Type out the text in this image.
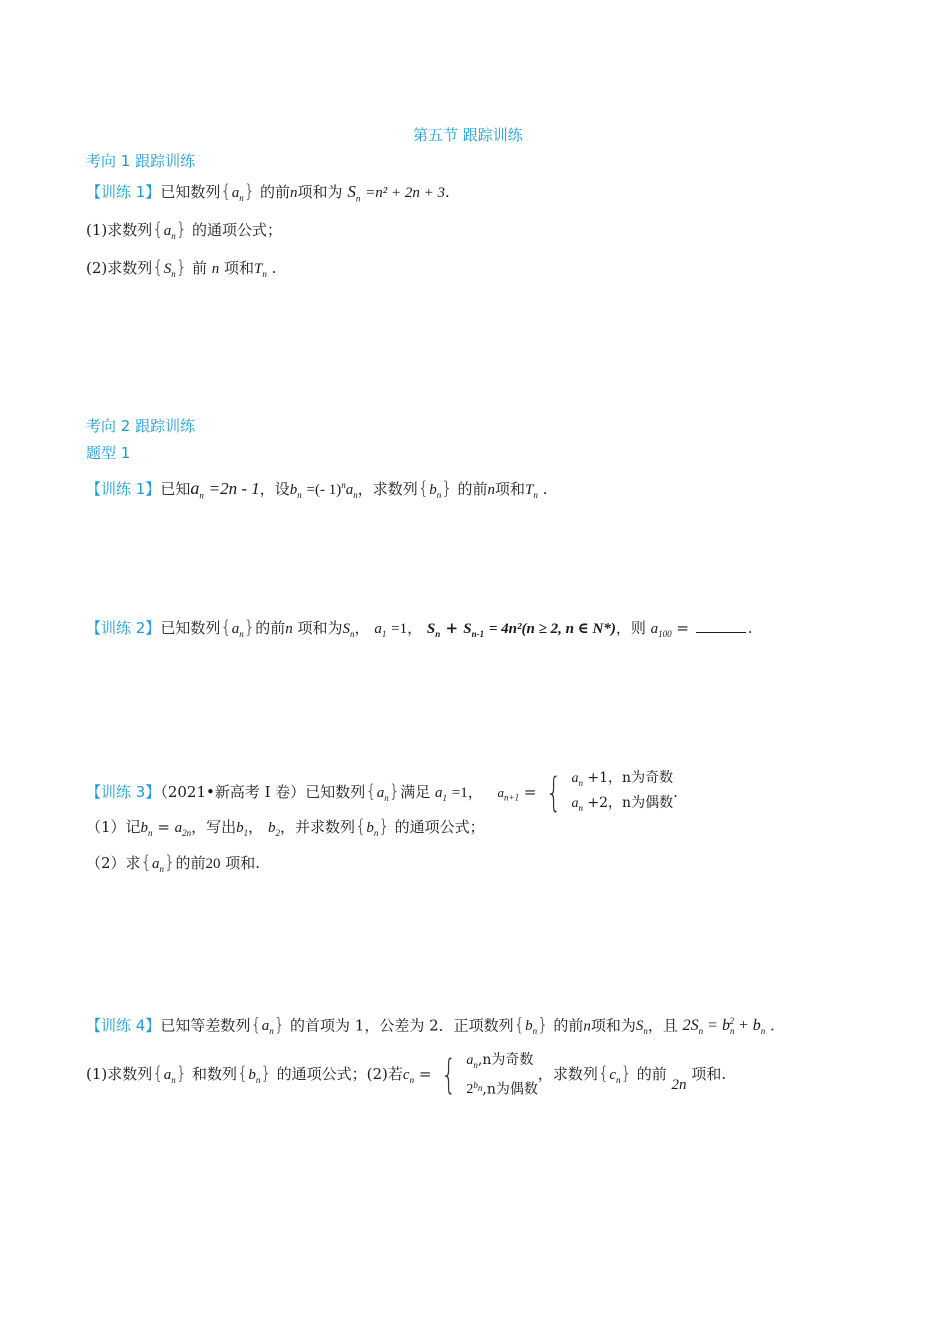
第五节 跟踪训练
考向 1 跟踪训练
【训练 1】已知数列$\{a_n\}$ 的前n项和为 $S_n =n^2 + 2n + 3$.
(1)求数列$\{a_n\}$ 的通项公式；
(2)求数列$\{S_n\}$ 前 n 项和$T_n$ .
考向 2 跟踪训练
题型 1
【训练 1】已知$a_n =2n - 1$，设$b_n$ =(- $1)^na_n$，求数列$\{b_n\}$ 的前n项和$T_n$ .
【训练 2】已知数列$\{a_n\}$的前n 项和为$S_n$， $a_1 =1$， $S_n + S_{n-1} = 4n^2(n \ge 2$, n ∈ N*)，则 $a_{100}$ =	.
【训练 3】（2021•新高考 I 卷）已知数列$\{a_n\}$满足 $a_1 =1$， $a_{n+1}$ = { $a_n +1$，n为奇数
$a_n +2$，n为偶数
.
（1）记$b_n = a_{2n}$，写出$b_1$， $b_2$，并求数列$\{b_n\}$ 的通项公式；
（2）求$\{a_n\}$的前20 项和.
【训练 4】已知等差数列$\{a_n\}$ 的首项为 1，公差为 2．正项数列$\{b_n\}$ 的前n项和为$S_n$，且 $2S_n = b_n^2 + b_n$ .
(1)求数列$\{a_n\}$ 和数列$\{b_n\}$ 的通项公式；(2)若$c_n$ = { $a_n,n$为奇数
$2^{b_n},n$为偶数
，求数列$\{c_n\}$ 的前 2n 项和.
